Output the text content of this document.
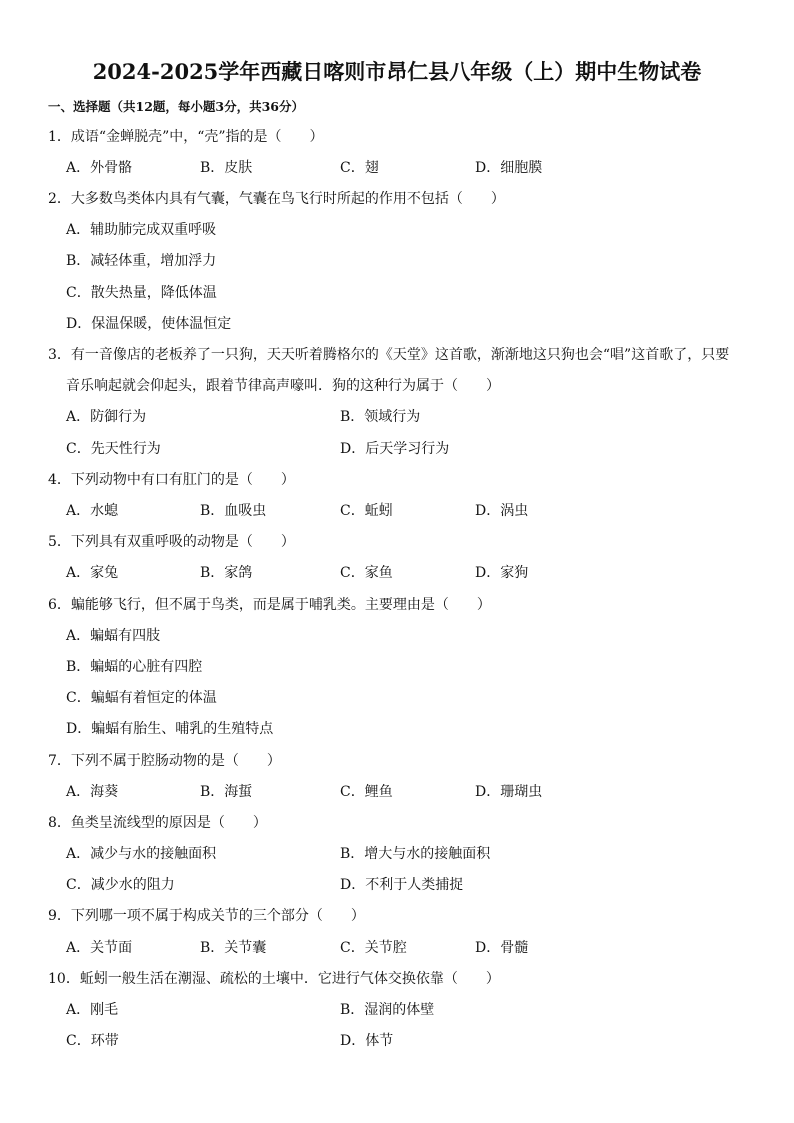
2024-2025学年西藏日喀则市昂仁县八年级（上）期中生物试卷
一、选择题（共12题，每小题3分，共36分）
1．成语“金蝉脱壳”中，“壳”指的是（　　）
A．外骨骼	B．皮肤	C．翅	D．细胞膜
2．大多数鸟类体内具有气囊，气囊在鸟飞行时所起的作用不包括（　　）
A．辅助肺完成双重呼吸
B．减轻体重，增加浮力
C．散失热量，降低体温
D．保温保暖，使体温恒定
3．有一音像店的老板养了一只狗，天天听着腾格尔的《天堂》这首歌，渐渐地这只狗也会“唱”这首歌了，只要
音乐响起就会仰起头，跟着节律高声嚎叫．狗的这种行为属于（　　）
A．防御行为	B．领域行为
C．先天性行为	D．后天学习行为
4．下列动物中有口有肛门的是（　　）
A．水螅	B．血吸虫	C．蚯蚓	D．涡虫
5．下列具有双重呼吸的动物是（　　）
A．家兔	B．家鸽	C．家鱼	D．家狗
6．蝙能够飞行，但不属于鸟类，而是属于哺乳类。主要理由是（　　）
A．蝙蝠有四肢
B．蝙蝠的心脏有四腔
C．蝙蝠有着恒定的体温
D．蝙蝠有胎生、哺乳的生殖特点
7．下列不属于腔肠动物的是（　　）
A．海葵	B．海蜇	C．鲤鱼	D．珊瑚虫
8．鱼类呈流线型的原因是（　　）
A．减少与水的接触面积	B．增大与水的接触面积
C．减少水的阻力	D．不利于人类捕捉
9．下列哪一项不属于构成关节的三个部分（　　）
A．关节面	B．关节囊	C．关节腔	D．骨髓
10．蚯蚓一般生活在潮湿、疏松的土壤中．它进行气体交换依靠（　　）
A．刚毛	B．湿润的体壁
C．环带	D．体节
